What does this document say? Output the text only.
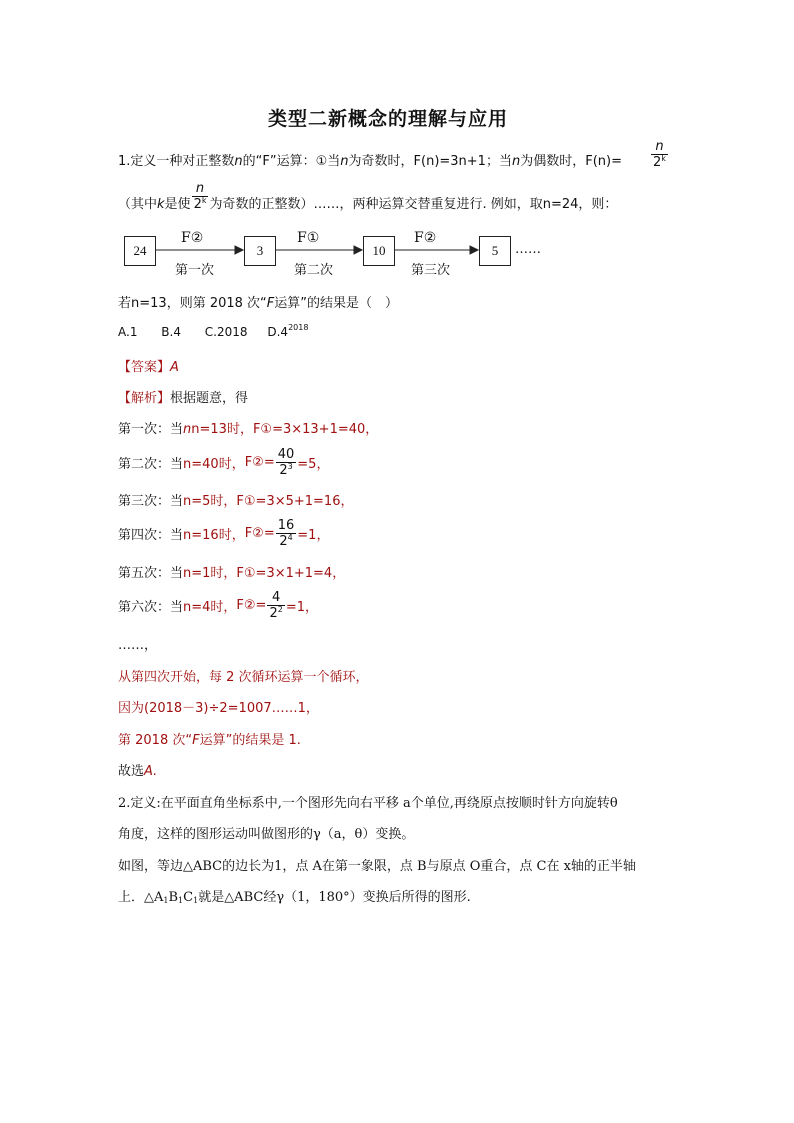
类型二新概念的理解与应用
1.定义一种对正整数n的“F”运算：①当n为奇数时，F(n)=3n+1；当n为偶数时，$F(n)= \frac{n}{2^k}$
（其中k是使 $\frac{n}{2^k}$ 为奇数的正整数）……，两种运算交替重复进行. 例如，取n=24，则：
24	3	10	5
F②	F①	F②
第一次	第二次	第三次
……
若n=13，则第 2018 次“F运算”的结果是（　）
A.1 B.4 C.2018 $D.4^{2018}$
【答案】A
【解析】根据题意，得
第一次：当nn=13时，F①=3×13+1=40，
第二次：当n=40时，F②= $\frac{40}{2^3} =5$，
第三次：当n=5时，F①=3×5+1=16，
第四次：当n=16时，F②= $\frac{16}{2^4} =1$，
第五次：当n=1时，F①=3×1+1=4，
第六次：当n=4时，F②= $\frac{4}{2^2} =1$，
……，
从第四次开始，每 2 次循环运算一个循环，
因为(2018－3)÷2=1007……1，
第 2018 次“F运算”的结果是 1.
故选A.
2.定义:在平面直角坐标系中,一个图形先向右平移 a个单位,再绕原点按顺时针方向旋转θ
角度，这样的图形运动叫做图形的γ（a，θ）变换。
如图，等边△ABC的边长为1，点 A在第一象限，点 B与原点 O重合，点 C在 x轴的正半轴
上．$\triangle A_1B_1C_1$就是△ABC经γ（1，180°）变换后所得的图形.
